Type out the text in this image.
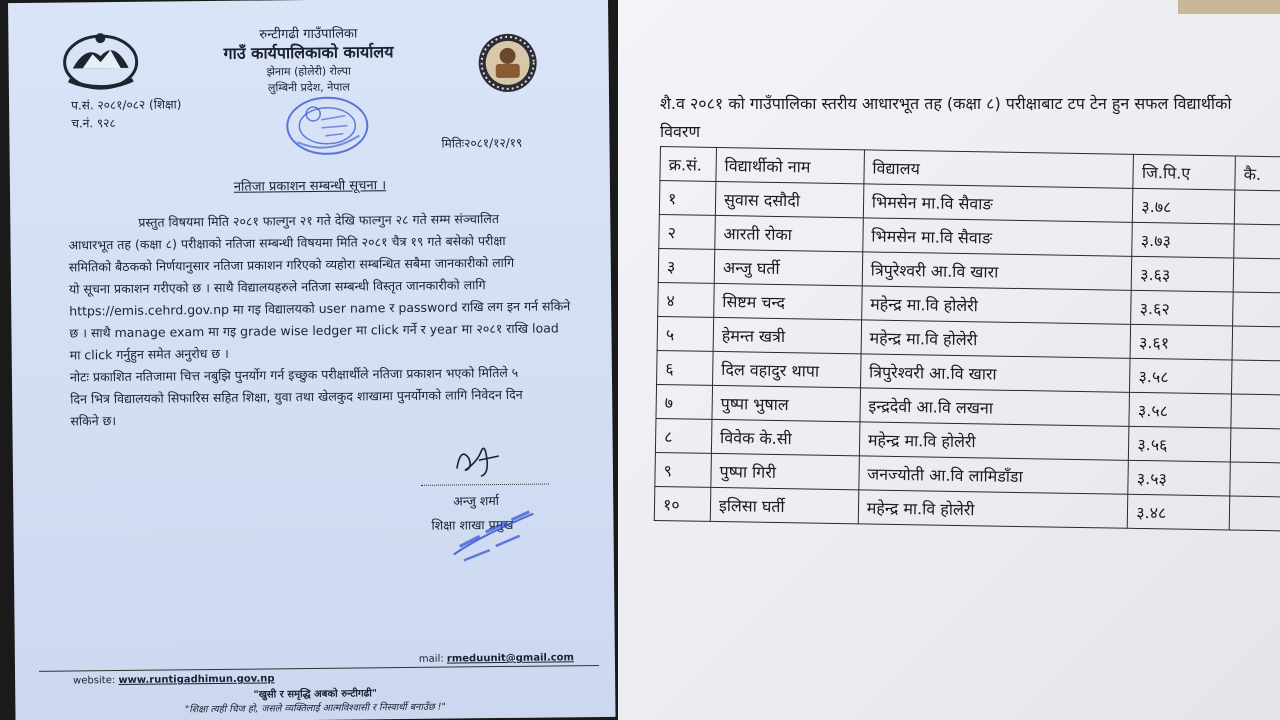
रुन्टीगढी गाउँपालिका
गाउँ कार्यपालिकाको कार्यालय
झेनाम (होलेरी) रोल्पा
लुम्बिनी प्रदेश, नेपाल
प.सं. २०८१/०८२ (शिक्षा)
च.नं. ९२८
मितिः२०८१/१२/१९
नतिजा प्रकाशन सम्बन्धी सूचना ।
प्रस्तुत विषयमा मिति २०८१ फाल्गुन २१ गते देखि फाल्गुन २८ गते सम्म संञ्चालित
आधारभूत तह (कक्षा ८) परीक्षाको नतिजा सम्बन्धी विषयमा मिति २०८१ चैत्र १९ गते बसेको परीक्षा
समितिको बैठकको निर्णयानुसार नतिजा प्रकाशन गरिएको व्यहोरा सम्बन्धित सबैमा जानकारीको लागि
यो सूचना प्रकाशन गरीएको छ । साथै विद्यालयहरुले नतिजा सम्बन्धी विस्तृत जानकारीको लागि
https://emis.cehrd.gov.np मा गइ विद्यालयको user name र password राखि लग इन गर्न सकिने
छ । साथै manage exam मा गइ grade wise ledger मा click गर्ने र year मा २०८१ राखि load
मा click गर्नुहुन समेत अनुरोध छ ।
नोटः प्रकाशित नतिजामा चित्त नबुझि पुनर्योग गर्न इच्छुक परीक्षार्थीले नतिजा प्रकाशन भएको मितिले ५
दिन भित्र विद्यालयको सिफारिस सहित शिक्षा, युवा तथा खेलकुद शाखामा पुनर्योगको लागि निवेदन दिन
सकिने छ।
अन्जु शर्मा
शिक्षा शाखा प्रमुख
website: www.runtigadhimun.gov.np
mail: rmeduunit@gmail.com
"खुसी र समृद्धि अबको रुन्टीगढी"
"शिक्षा त्यही चिज हो, जसले व्यक्तिलाई आत्मविश्वासी र निस्वार्थी बनाउँछ !"
शै.व २०८१ को गाउँपालिका स्तरीय आधारभूत तह (कक्षा ८) परीक्षाबाट टप टेन हुन सफल विद्यार्थीको
विवरण
क्र.सं.	विद्यार्थीको नाम	विद्यालय	जि.पि.ए	कै.
१	सुवास दसौदी	भिमसेन मा.वि सैवाङ	३.७८	
२	आरती रोका	भिमसेन मा.वि सैवाङ	३.७३	
३	अन्जु घर्ती	त्रिपुरेश्वरी आ.वि खारा	३.६३	
४	सिष्टम चन्द	महेन्द्र मा.वि होलेरी	३.६२	
५	हेमन्त खत्री	महेन्द्र मा.वि होलेरी	३.६१	
६	दिल वहादुर थापा	त्रिपुरेश्वरी आ.वि खारा	३.५८	
७	पुष्पा भुषाल	इन्द्रदेवी आ.वि लखना	३.५८	
८	विवेक के.सी	महेन्द्र मा.वि होलेरी	३.५६	
९	पुष्पा गिरी	जनज्योती आ.वि लामिडाँडा	३.५३	
१०	इलिसा घर्ती	महेन्द्र मा.वि होलेरी	३.४८	
